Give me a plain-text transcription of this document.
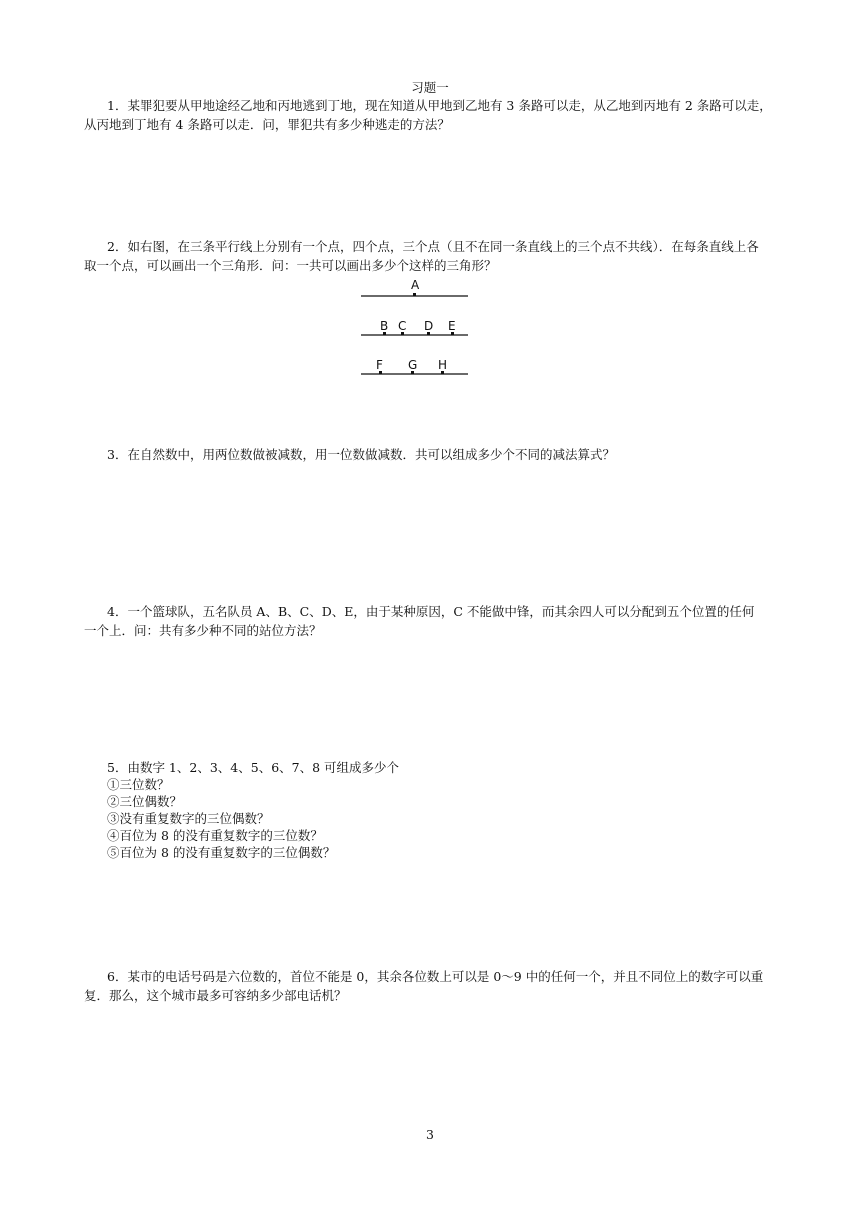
习题一
1．某罪犯要从甲地途经乙地和丙地逃到丁地，现在知道从甲地到乙地有 3 条路可以走，从乙地到丙地有 2 条路可以走，
从丙地到丁地有 4 条路可以走．问，罪犯共有多少种逃走的方法？
2．如右图，在三条平行线上分别有一个点，四个点，三个点（且不在同一条直线上的三个点不共线）．在每条直线上各
取一个点，可以画出一个三角形．问：一共可以画出多少个这样的三角形？
A
B C D E
F G H
3．在自然数中，用两位数做被减数，用一位数做减数．共可以组成多少个不同的减法算式？
4．一个篮球队，五名队员 A、B、C、D、E，由于某种原因，C 不能做中锋，而其余四人可以分配到五个位置的任何
一个上．问：共有多少种不同的站位方法？
5．由数字 1、2、3、4、5、6、7、8 可组成多少个
①三位数？
②三位偶数？
③没有重复数字的三位偶数？
④百位为 8 的没有重复数字的三位数？
⑤百位为 8 的没有重复数字的三位偶数？
6．某市的电话号码是六位数的，首位不能是 0，其余各位数上可以是 0～9 中的任何一个，并且不同位上的数字可以重
复．那么，这个城市最多可容纳多少部电话机？
3
